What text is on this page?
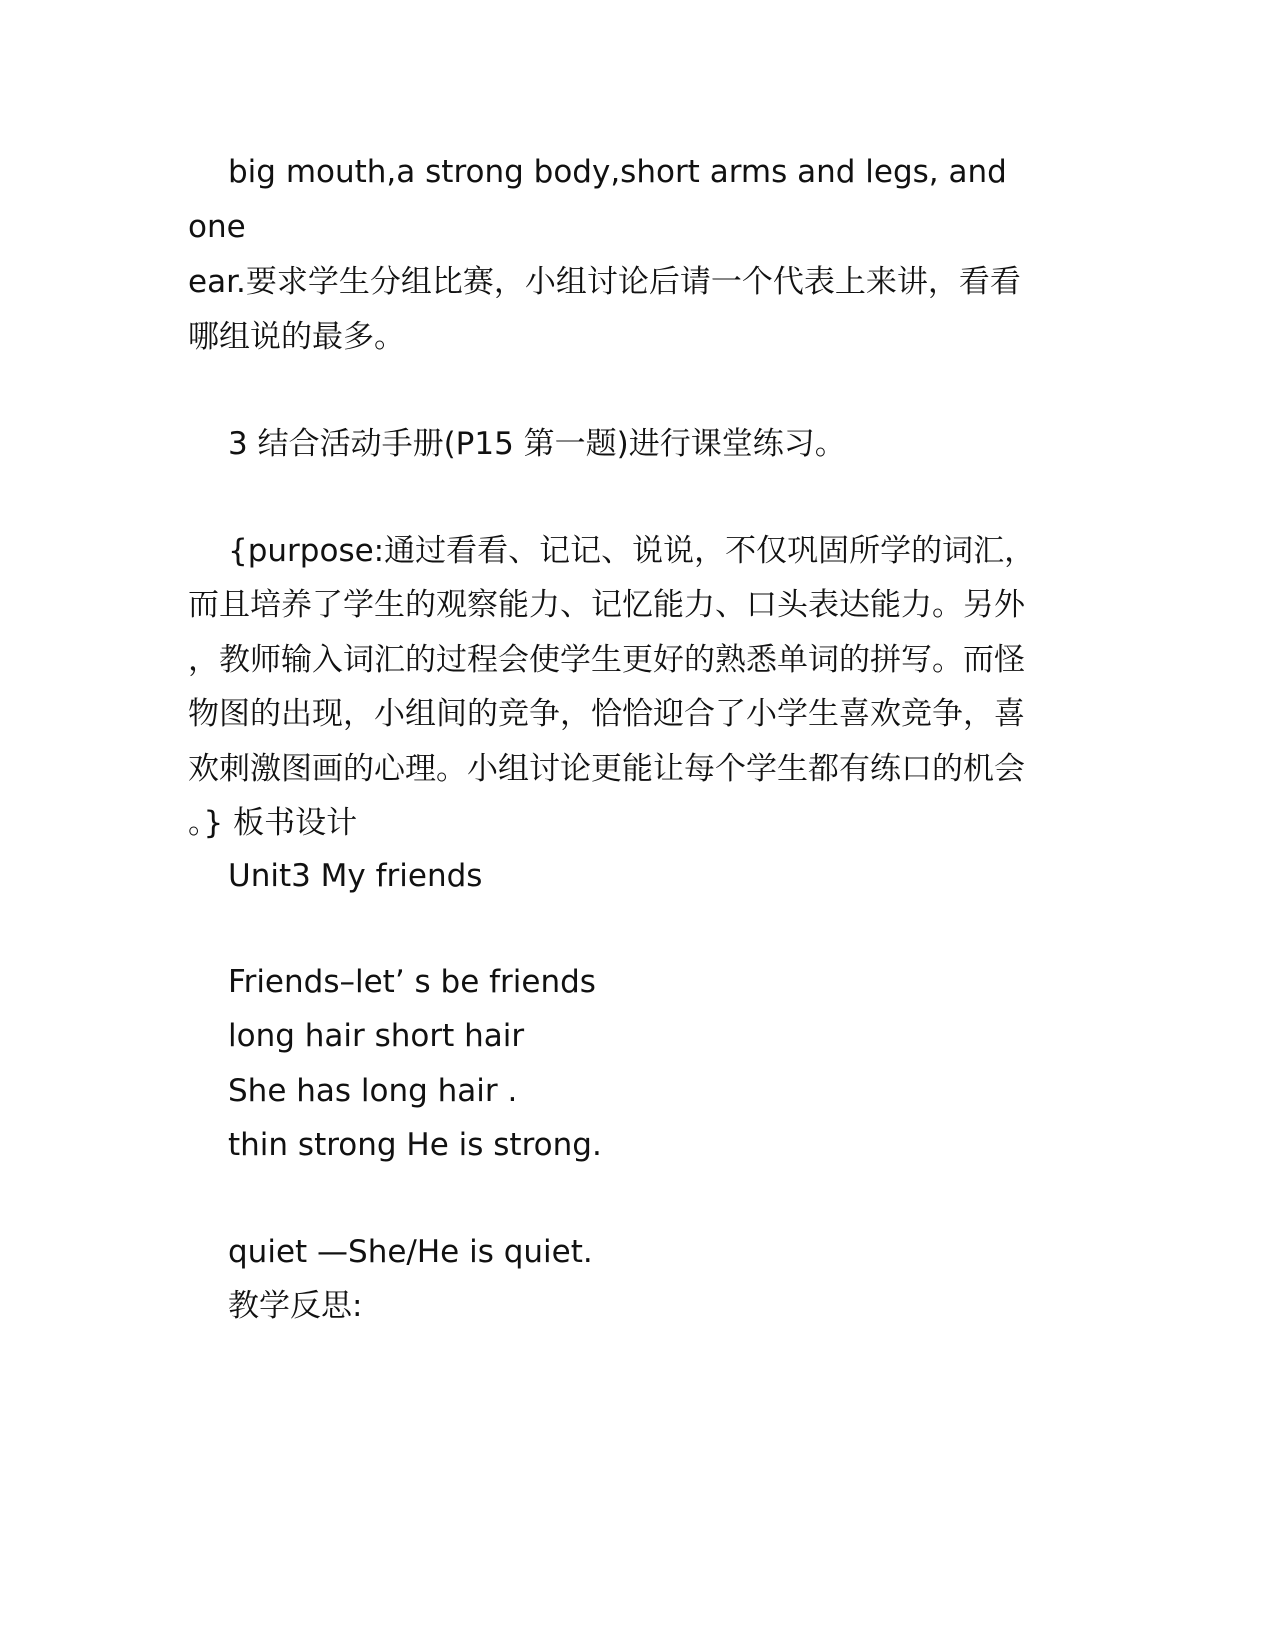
big mouth,a strong body,short arms and legs, and
one
ear.要求学生分组比赛，小组讨论后请一个代表上来讲，看看
哪组说的最多。
3 结合活动手册(P15 第一题)进行课堂练习。
{purpose:通过看看、记记、说说，不仅巩固所学的词汇，
而且培养了学生的观察能力、记忆能力、口头表达能力。另外
，教师输入词汇的过程会使学生更好的熟悉单词的拼写。而怪
物图的出现，小组间的竞争，恰恰迎合了小学生喜欢竞争，喜
欢刺激图画的心理。小组讨论更能让每个学生都有练口的机会
。} 板书设计
Unit3 My friends
Friends–let’ s be friends
long hair short hair
She has long hair .
thin strong He is strong.
quiet —She/He is quiet.
教学反思:
